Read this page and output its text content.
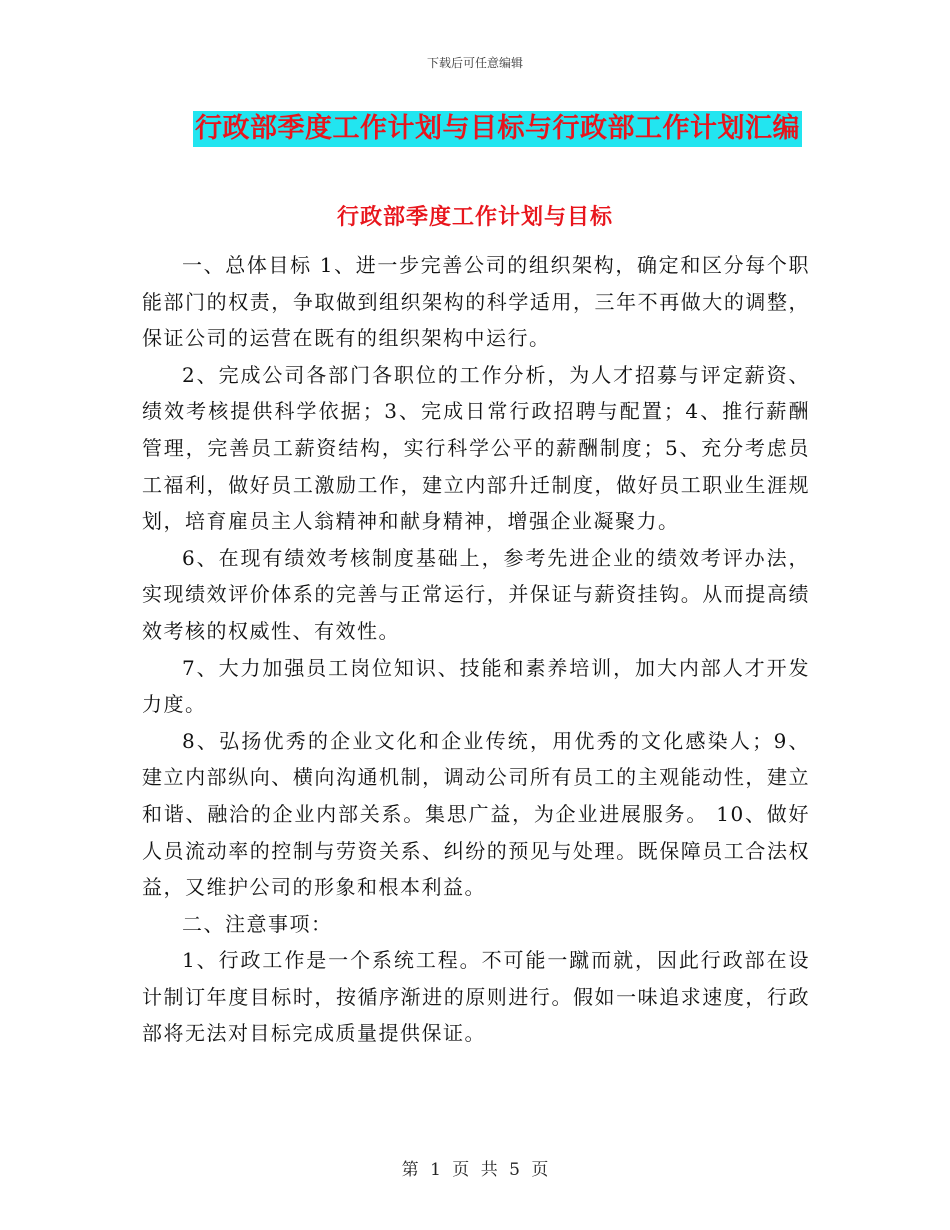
下载后可任意编辑
行政部季度工作计划与目标与行政部工作计划汇编
行政部季度工作计划与目标

一、总体目标 1、进一步完善公司的组织架构，确定和区分每个职能部门的权责，争取做到组织架构的科学适用，三年不再做大的调整，保证公司的运营在既有的组织架构中运行。

2、完成公司各部门各职位的工作分析，为人才招募与评定薪资、绩效考核提供科学依据；3、完成日常行政招聘与配置；4、推行薪酬管理，完善员工薪资结构，实行科学公平的薪酬制度；5、充分考虑员工福利，做好员工激励工作，建立内部升迁制度，做好员工职业生涯规划，培育雇员主人翁精神和献身精神，增强企业凝聚力。

6、在现有绩效考核制度基础上，参考先进企业的绩效考评办法，实现绩效评价体系的完善与正常运行，并保证与薪资挂钩。从而提高绩效考核的权威性、有效性。

7、大力加强员工岗位知识、技能和素养培训，加大内部人才开发力度。

8、弘扬优秀的企业文化和企业传统，用优秀的文化感染人；9、建立内部纵向、横向沟通机制，调动公司所有员工的主观能动性，建立和谐、融洽的企业内部关系。集思广益，为企业进展服务。 10、做好人员流动率的控制与劳资关系、纠纷的预见与处理。既保障员工合法权益，又维护公司的形象和根本利益。

二、注意事项：

1、行政工作是一个系统工程。不可能一蹴而就，因此行政部在设计制订年度目标时，按循序渐进的原则进行。假如一味追求速度，行政部将无法对目标完成质量提供保证。

第 1 页 共 5 页
